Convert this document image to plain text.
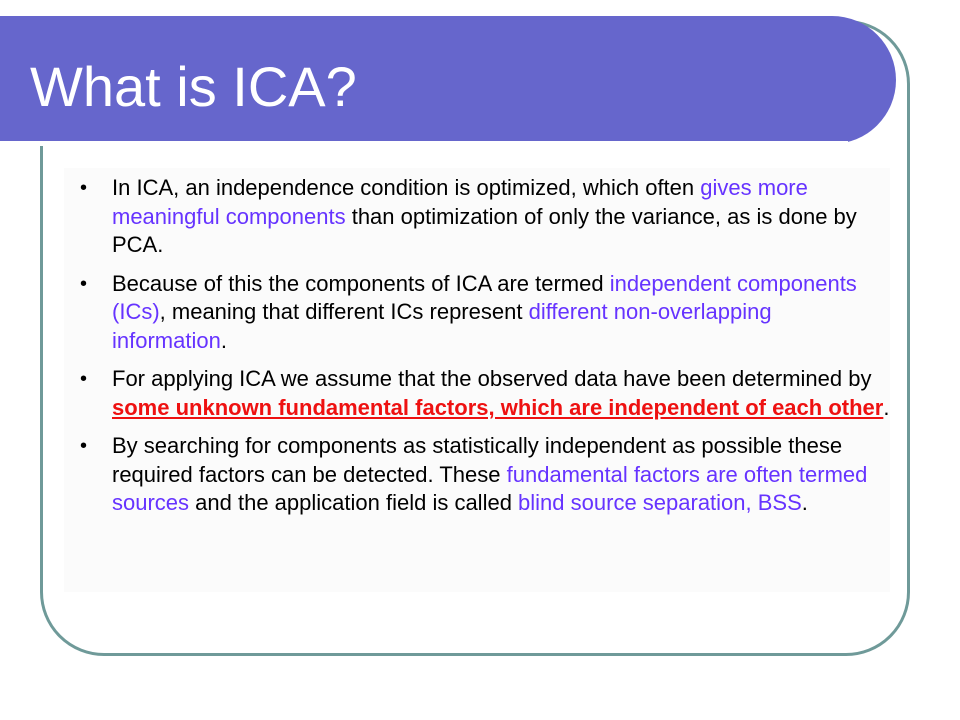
What is ICA?
• In ICA, an independence condition is optimized, which often gives more meaningful components than optimization of only the variance, as is done by PCA.
• Because of this the components of ICA are termed independent components (ICs), meaning that different ICs represent different non-overlapping information.
• For applying ICA we assume that the observed data have been determined by some unknown fundamental factors, which are independent of each other.
• By searching for components as statistically independent as possible these required factors can be detected. These fundamental factors are often termed sources and the application field is called blind source separation, BSS.
